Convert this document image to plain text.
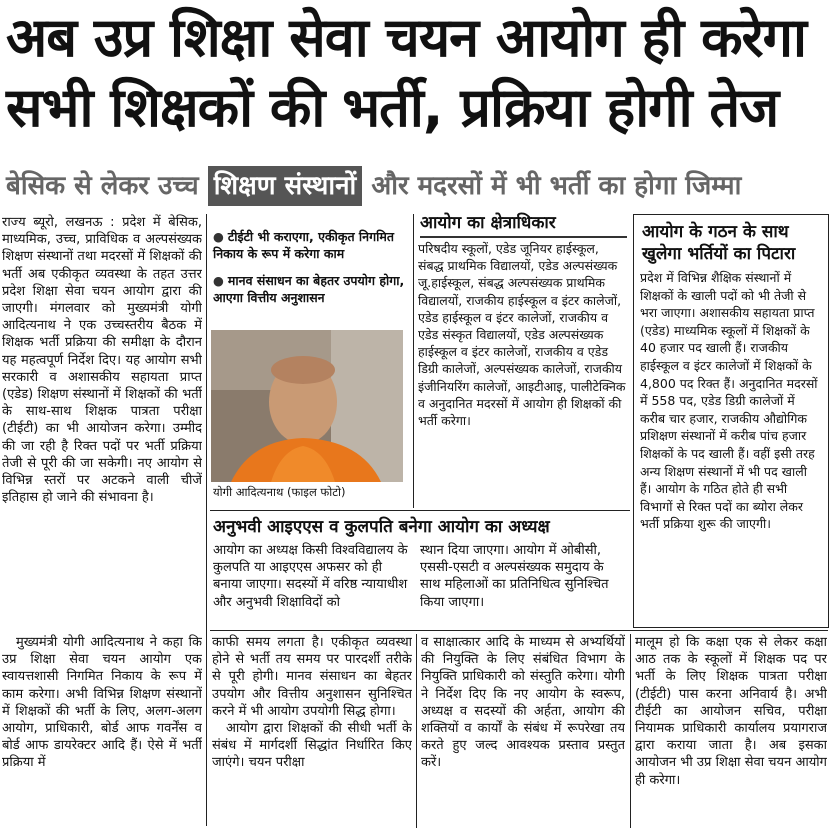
अब उप्र शिक्षा सेवा चयन आयोग ही करेगा
सभी शिक्षकों की भर्ती, प्रक्रिया होगी तेज
बेसिक से लेकर उच्च शिक्षण संस्थानों और मदरसों में भी भर्ती का होगा जिम्मा

राज्य ब्यूरो, लखनऊ : प्रदेश में बेसिक, माध्यमिक, उच्च, प्राविधिक व अल्पसंख्यक शिक्षण संस्थानों तथा मदरसों में शिक्षकों की भर्ती अब एकीकृत व्यवस्था के तहत उत्तर प्रदेश शिक्षा सेवा चयन आयोग द्वारा की जाएगी। मंगलवार को मुख्यमंत्री योगी आदित्यनाथ ने एक उच्चस्तरीय बैठक में शिक्षक भर्ती प्रक्रिया की समीक्षा के दौरान यह महत्वपूर्ण निर्देश दिए। यह आयोग सभी सरकारी व अशासकीय सहायता प्राप्त (एडेड) शिक्षण संस्थानों में शिक्षकों की भर्ती के साथ-साथ शिक्षक पात्रता परीक्षा (टीईटी) का भी आयोजन करेगा। उम्मीद की जा रही है रिक्त पदों पर भर्ती प्रक्रिया तेजी से पूरी की जा सकेगी। नए आयोग से विभिन्न स्तरों पर अटकने वाली चीजें इतिहास हो जाने की संभावना है।

मुख्यमंत्री योगी आदित्यनाथ ने कहा कि उप्र शिक्षा सेवा चयन आयोग एक स्वायत्तशासी निगमित निकाय के रूप में काम करेगा। अभी विभिन्न शिक्षण संस्थानों में शिक्षकों की भर्ती के लिए, अलग-अलग आयोग, प्राधिकारी, बोर्ड आफ गवर्नेंस व बोर्ड आफ डायरेक्टर आदि हैं। ऐसे में भर्ती प्रक्रिया में

● टीईटी भी कराएगा, एकीकृत निगमित निकाय के रूप में करेगा काम
● मानव संसाधन का बेहतर उपयोग होगा, आएगा वित्तीय अनुशासन
योगी आदित्यनाथ (फाइल फोटो)
आयोग का क्षेत्राधिकार

परिषदीय स्कूलों, एडेड जूनियर हाईस्कूल, संबद्ध प्राथमिक विद्यालयों, एडेड अल्पसंख्यक जू.हाईस्कूल, संबद्ध अल्पसंख्यक प्राथमिक विद्यालयों, राजकीय हाईस्कूल व इंटर कालेजों, एडेड हाईस्कूल व इंटर कालेजों, राजकीय व एडेड संस्कृत विद्यालयों, एडेड अल्पसंख्यक हाईस्कूल व इंटर कालेजों, राजकीय व एडेड डिग्री कालेजों, अल्पसंख्यक कालेजों, राजकीय इंजीनियरिंग कालेजों, आइटीआइ, पालीटेक्निक व अनुदानित मदरसों में आयोग ही शिक्षकों की भर्ती करेगा।

आयोग के गठन के साथ खुलेगा भर्तियों का पिटारा

प्रदेश में विभिन्न शैक्षिक संस्थानों में शिक्षकों के खाली पदों को भी तेजी से भरा जाएगा। अशासकीय सहायता प्राप्त (एडेड) माध्यमिक स्कूलों में शिक्षकों के 40 हजार पद खाली हैं। राजकीय हाईस्कूल व इंटर कालेजों में शिक्षकों के 4,800 पद रिक्त हैं। अनुदानित मदरसों में 558 पद, एडेड डिग्री कालेजों में करीब चार हजार, राजकीय औद्योगिक प्रशिक्षण संस्थानों में करीब पांच हजार शिक्षकों के पद खाली हैं। वहीं इसी तरह अन्य शिक्षण संस्थानों में भी पद खाली हैं। आयोग के गठित होते ही सभी विभागों से रिक्त पदों का ब्योरा लेकर भर्ती प्रक्रिया शुरू की जाएगी।

अनुभवी आइएएस व कुलपति बनेगा आयोग का अध्यक्ष

आयोग का अध्यक्ष किसी विश्वविद्यालय के कुलपति या आइएएस अफसर को ही बनाया जाएगा। सदस्यों में वरिष्ठ न्यायाधीश और अनुभवी शिक्षाविदों को

स्थान दिया जाएगा। आयोग में ओबीसी, एससी-एसटी व अल्पसंख्यक समुदाय के साथ महिलाओं का प्रतिनिधित्व सुनिश्चित किया जाएगा।

काफी समय लगता है। एकीकृत व्यवस्था होने से भर्ती तय समय पर पारदर्शी तरीके से पूरी होगी। मानव संसाधन का बेहतर उपयोग और वित्तीय अनुशासन सुनिश्चित करने में भी आयोग उपयोगी सिद्ध होगा।

आयोग द्वारा शिक्षकों की सीधी भर्ती के संबंध में मार्गदर्शी सिद्धांत निर्धारित किए जाएंगे। चयन परीक्षा

व साक्षात्कार आदि के माध्यम से अभ्यर्थियों की नियुक्ति के लिए संबंधित विभाग के नियुक्ति प्राधिकारी को संस्तुति करेगा। योगी ने निर्देश दिए कि नए आयोग के स्वरूप, अध्यक्ष व सदस्यों की अर्हता, आयोग की शक्तियों व कार्यों के संबंध में रूपरेखा तय करते हुए जल्द आवश्यक प्रस्ताव प्रस्तुत करें।

मालूम हो कि कक्षा एक से लेकर कक्षा आठ तक के स्कूलों में शिक्षक पद पर भर्ती के लिए शिक्षक पात्रता परीक्षा (टीईटी) पास करना अनिवार्य है। अभी टीईटी का आयोजन सचिव, परीक्षा नियामक प्राधिकारी कार्यालय प्रयागराज द्वारा कराया जाता है। अब इसका आयोजन भी उप्र शिक्षा सेवा चयन आयोग ही करेगा।
